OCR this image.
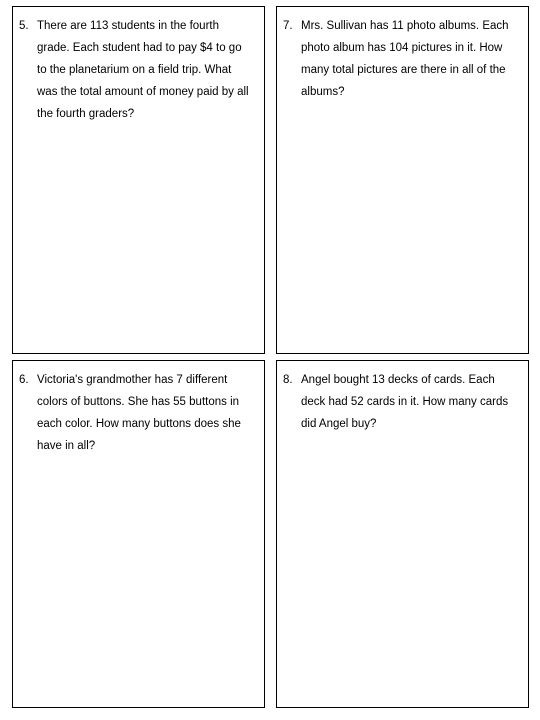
5. There are 113 students in the fourth
grade. Each student had to pay $4 to go
to the planetarium on a field trip. What
was the total amount of money paid by all
the fourth graders?
7. Mrs. Sullivan has 11 photo albums. Each
photo album has 104 pictures in it. How
many total pictures are there in all of the
albums?
6. Victoria's grandmother has 7 different
colors of buttons. She has 55 buttons in
each color. How many buttons does she
have in all?
8. Angel bought 13 decks of cards. Each
deck had 52 cards in it. How many cards
did Angel buy?
